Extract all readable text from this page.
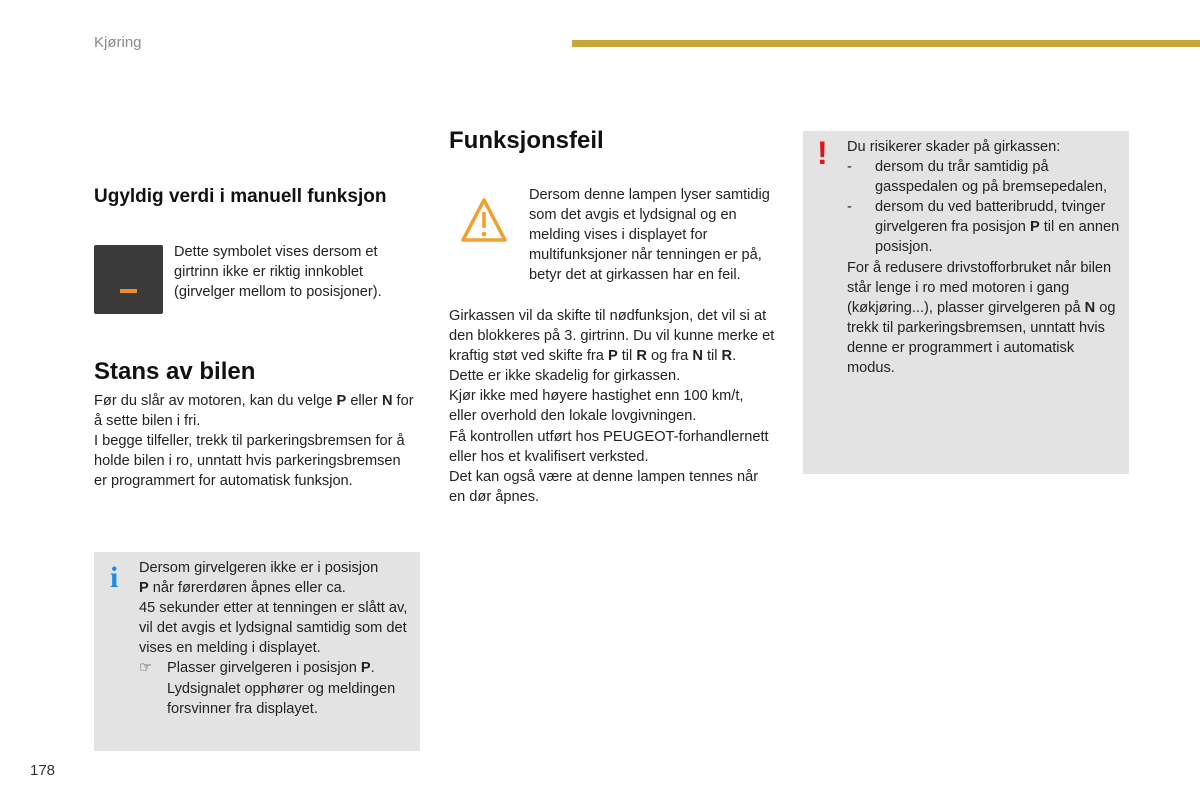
Kjøring
Ugyldig verdi i manuell funksjon
Dette symbolet vises dersom et girtrinn ikke er riktig innkoblet (girvelger mellom to posisjoner).
Stans av bilen
Før du slår av motoren, kan du velge P eller N for å sette bilen i fri.
I begge tilfeller, trekk til parkeringsbremsen for å holde bilen i ro, unntatt hvis parkeringsbremsen er programmert for automatisk funksjon.
i Dersom girvelgeren ikke er i posisjon
P når førerdøren åpnes eller ca.
45 sekunder etter at tenningen er slått av, vil det avgis et lydsignal samtidig som det vises en melding i displayet.
☞ Plasser girvelgeren i posisjon P.
Lydsignalet opphører og meldingen forsvinner fra displayet.
Funksjonsfeil
Dersom denne lampen lyser samtidig som det avgis et lydsignal og en melding vises i displayet for multifunksjoner når tenningen er på, betyr det at girkassen har en feil.
Girkassen vil da skifte til nødfunksjon, det vil si at den blokkeres på 3. girtrinn. Du vil kunne merke et kraftig støt ved skifte fra P til R og fra N til R. Dette er ikke skadelig for girkassen.
Kjør ikke med høyere hastighet enn 100 km/t, eller overhold den lokale lovgivningen.
Få kontrollen utført hos PEUGEOT-forhandlernett eller hos et kvalifisert verksted.
Det kan også være at denne lampen tennes når en dør åpnes.
! Du risikerer skader på girkassen:
- dersom du trår samtidig på gasspedalen og på bremsepedalen,
- dersom du ved batteribrudd, tvinger girvelgeren fra posisjon P til en annen posisjon.
For å redusere drivstofforbruket når bilen står lenge i ro med motoren i gang (køkjøring...), plasser girvelgeren på N og trekk til parkeringsbremsen, unntatt hvis denne er programmert i automatisk modus.
178
